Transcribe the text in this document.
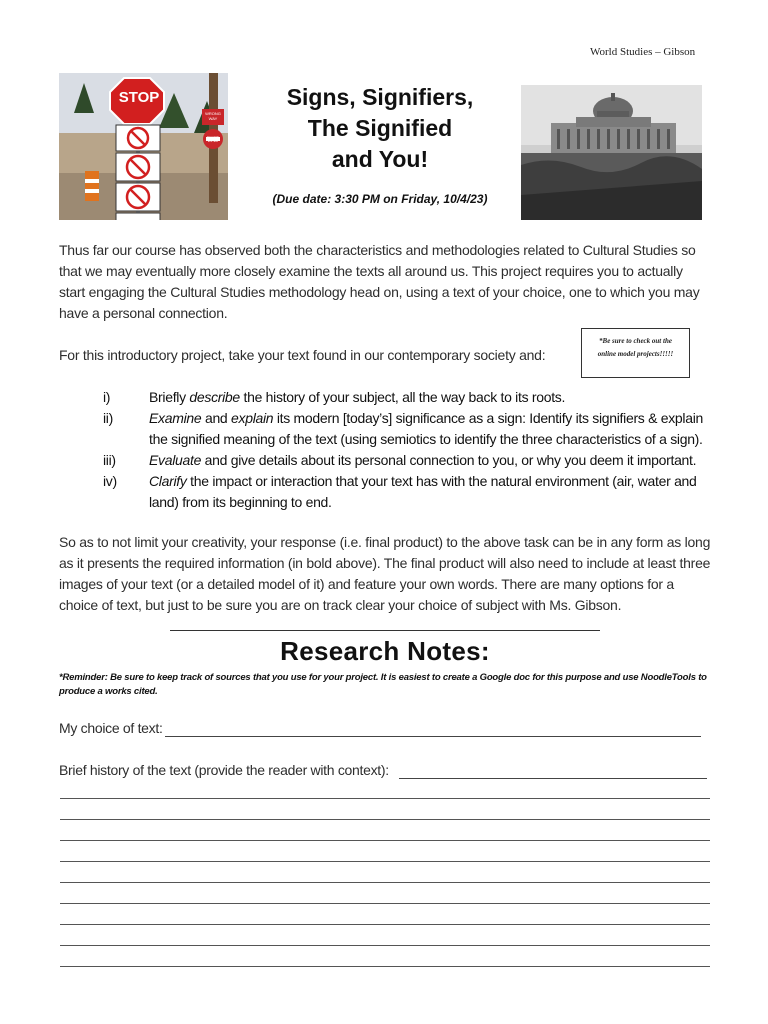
World Studies – Gibson
STOP
WRONG WAY
DO NOT ENTER
Signs, Signifiers,
The Signified
and You!
(Due date: 3:30 PM on Friday, 10/4/23)
Thus far our course has observed both the characteristics and methodologies related to Cultural Studies so that we may eventually more closely examine the texts all around us. This project requires you to actually start engaging the Cultural Studies methodology head on, using a text of your choice, one to which you may have a personal connection.
For this introductory project, take your text found in our contemporary society and:
*Be sure to check out the
online model projects!!!!!
i)	Briefly describe the history of your subject, all the way back to its roots.
ii)	Examine and explain its modern [today’s] significance as a sign: Identify its signifiers & explain the signified meaning of the text (using semiotics to identify the three characteristics of a sign).
iii)	Evaluate and give details about its personal connection to you, or why you deem it important.
iv)	Clarify the impact or interaction that your text has with the natural environment (air, water and land) from its beginning to end.
So as to not limit your creativity, your response (i.e. final product) to the above task can be in any form as long as it presents the required information (in bold above). The final product will also need to include at least three images of your text (or a detailed model of it) and feature your own words. There are many options for a choice of text, but just to be sure you are on track clear your choice of subject with Ms. Gibson.
Research Notes:
*Reminder: Be sure to keep track of sources that you use for your project. It is easiest to create a Google doc for this purpose and use NoodleTools to produce a works cited.
My choice of text:
Brief history of the text (provide the reader with context):
